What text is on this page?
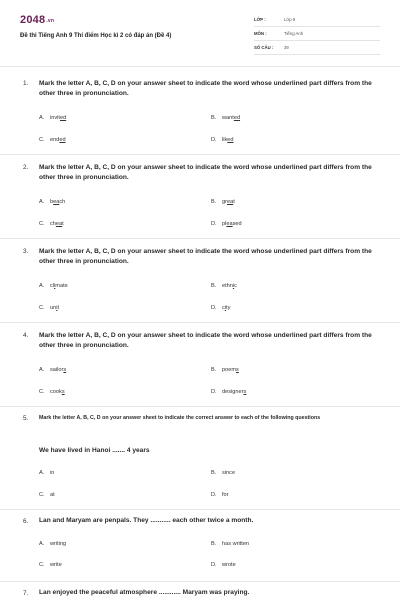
2048.vn
Đề thi Tiếng Anh 9 Thí điểm Học kì 2 có đáp án (Đề 4)
LỚP :	Lớp 9
MÔN :	Tiếng Anh
SỐ CÂU : 39
1. Mark the letter A, B, C, D on your answer sheet to indicate the word whose underlined part differs from the other three in pronunciation.
A. invited	B. wanted
C. ended	D. liked
2. Mark the letter A, B, C, D on your answer sheet to indicate the word whose underlined part differs from the other three in pronunciation.
A. beach	B. great
C. cheat	D. pleased
3. Mark the letter A, B, C, D on your answer sheet to indicate the word whose underlined part differs from the other three in pronunciation.
A. climate	B. ethnic
C. unit	D. city
4. Mark the letter A, B, C, D on your answer sheet to indicate the word whose underlined part differs from the other three in pronunciation.
A. sailors	B. poems
C. cooks	D. designers
5. Mark the letter A, B, C, D on your answer sheet to indicate the correct answer to each of the following questions
We have lived in Hanoi ....... 4 years
A. in	B. since
C. at	D. for
6. Lan and Maryam are penpals. They ........... each other twice a month.
A. writing	B. has written
C. write	D. wrote
7. Lan enjoyed the peaceful atmosphere ............ Maryam was praying.
